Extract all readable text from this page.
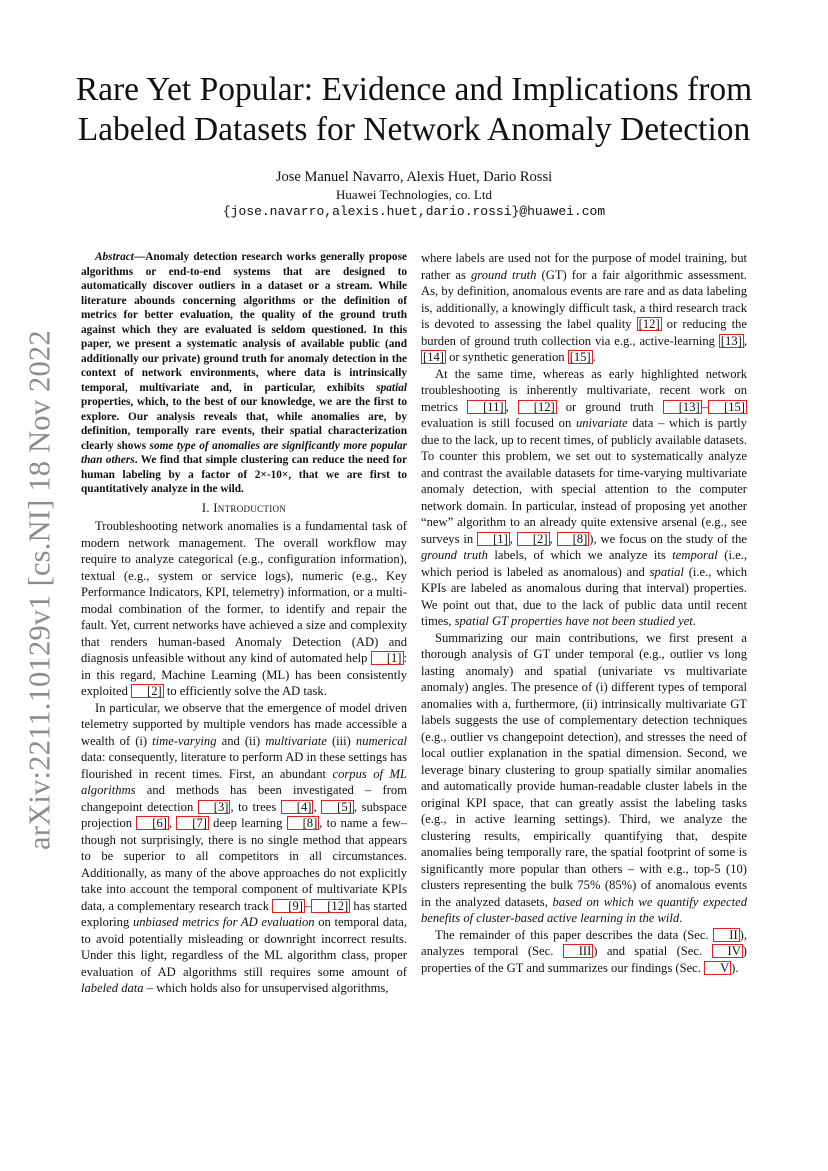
arXiv:2211.10129v1 [cs.NI] 18 Nov 2022
Rare Yet Popular: Evidence and Implications from
Labeled Datasets for Network Anomaly Detection
Jose Manuel Navarro, Alexis Huet, Dario Rossi
Huawei Technologies, co. Ltd
{jose.navarro,alexis.huet,dario.rossi}@huawei.com

Abstract—Anomaly detection research works generally propose algorithms or end-to-end systems that are designed to automatically discover outliers in a dataset or a stream. While literature abounds concerning algorithms or the definition of metrics for better evaluation, the quality of the ground truth against which they are evaluated is seldom questioned. In this paper, we present a systematic analysis of available public (and additionally our private) ground truth for anomaly detection in the context of network environments, where data is intrinsically temporal, multivariate and, in particular, exhibits spatial properties, which, to the best of our knowledge, we are the first to explore. Our analysis reveals that, while anomalies are, by definition, temporally rare events, their spatial characterization clearly shows some type of anomalies are significantly more popular than others. We find that simple clustering can reduce the need for human labeling by a factor of 2×-10×, that we are first to quantitatively analyze in the wild.

I. Introduction

Troubleshooting network anomalies is a fundamental task of modern network management. The overall workflow may require to analyze categorical (e.g., configuration information), textual (e.g., system or service logs), numeric (e.g., Key Performance Indicators, KPI, telemetry) information, or a multi-modal combination of the former, to identify and repair the fault. Yet, current networks have achieved a size and complexity that renders human-based Anomaly Detection (AD) and diagnosis unfeasible without any kind of automated help [1] : in this regard, Machine Learning (ML) has been consistently exploited [2] to efficiently solve the AD task.

In particular, we observe that the emergence of model driven telemetry supported by multiple vendors has made accessible a wealth of (i) time-varying and (ii) multivariate (iii) numerical data: consequently, literature to perform AD in these settings has flourished in recent times. First, an abundant corpus of ML algorithms and methods has been investigated – from changepoint detection [3] , to trees [4] , [5] , subspace projection [6] , [7] deep learning [8] , to name a few– though not surprisingly, there is no single method that appears to be superior to all competitors in all circumstances. Additionally, as many of the above approaches do not explicitly take into account the temporal component of multivariate KPIs data, a complementary research track [9] – [12] has started exploring unbiased metrics for AD evaluation on temporal data, to avoid potentially misleading or downright incorrect results. Under this light, regardless of the ML algorithm class, proper evaluation of AD algorithms still requires some amount of labeled data – which holds also for unsupervised algorithms,

where labels are used not for the purpose of model training, but rather as ground truth (GT) for a fair algorithmic assessment. As, by definition, anomalous events are rare and as data labeling is, additionally, a knowingly difficult task, a third research track is devoted to assessing the label quality [12] or reducing the burden of ground truth collection via e.g., active-learning [13] , [14] or synthetic generation [15] .

At the same time, whereas as early highlighted network troubleshooting is inherently multivariate, recent work on metrics [11] , [12] or ground truth [13] – [15] evaluation is still focused on univariate data – which is partly due to the lack, up to recent times, of publicly available datasets. To counter this problem, we set out to systematically analyze and contrast the available datasets for time-varying multivariate anomaly detection, with special attention to the computer network domain. In particular, instead of proposing yet another “new” algorithm to an already quite extensive arsenal (e.g., see surveys in [1] , [2] , [8] ), we focus on the study of the ground truth labels, of which we analyze its temporal (i.e., which period is labeled as anomalous) and spatial (i.e., which KPIs are labeled as anomalous during that interval) properties. We point out that, due to the lack of public data until recent times, spatial GT properties have not been studied yet.

Summarizing our main contributions, we first present a thorough analysis of GT under temporal (e.g., outlier vs long lasting anomaly) and spatial (univariate vs multivariate anomaly) angles. The presence of (i) different types of temporal anomalies with a, furthermore, (ii) intrinsically multivariate GT labels suggests the use of complementary detection techniques (e.g., outlier vs changepoint detection), and stresses the need of local outlier explanation in the spatial dimension. Second, we leverage binary clustering to group spatially similar anomalies and automatically provide human-readable cluster labels in the original KPI space, that can greatly assist the labeling tasks (e.g., in active learning settings). Third, we analyze the clustering results, empirically quantifying that, despite anomalies being temporally rare, the spatial footprint of some is significantly more popular than others – with e.g., top-5 (10) clusters representing the bulk 75% (85%) of anomalous events in the analyzed datasets, based on which we quantify expected benefits of cluster-based active learning in the wild.

The remainder of this paper describes the data (Sec. II ), analyzes temporal (Sec. III ) and spatial (Sec. IV ) properties of the GT and summarizes our findings (Sec. V ).
